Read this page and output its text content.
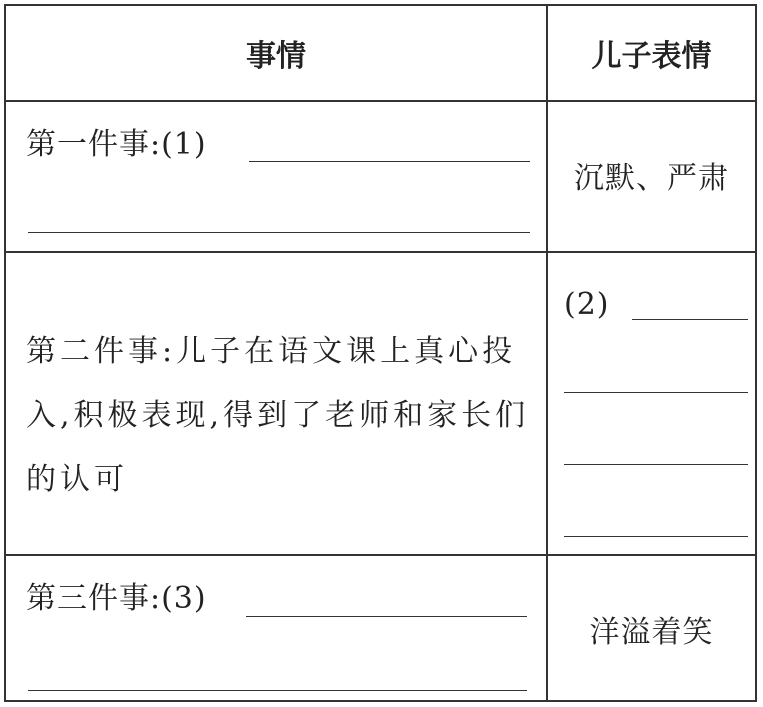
事情	儿子表情
第一件事:(1)
沉默、严肃
第二件事:儿子在语文课上真心投入,积极表现,得到了老师和家长们的认可
(2)
第三件事:(3)
洋溢着笑
